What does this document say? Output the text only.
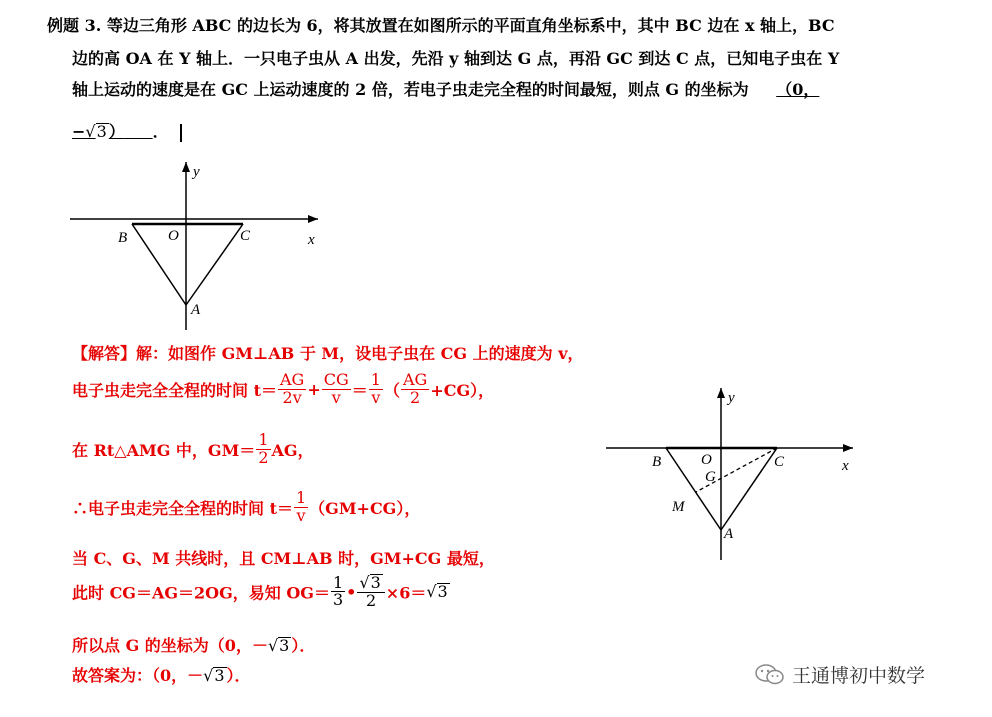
例题 3. 等边三角形 ABC 的边长为 6，将其放置在如图所示的平面直角坐标系中，其中 BC 边在 x 轴上，BC
边的高 OA 在 Y 轴上．一只电子虫从 A 出发，先沿 y 轴到达 G 点，再沿 GC 到达 C 点，已知电子虫在 Y
轴上运动的速度是在 GC 上运动速度的 2 倍，若电子虫走完全程的时间最短，则点 G 的坐标为 （0，
−√3 ） ．
y
x
B	O	C
A
y
x
B	O
G
C
M
A
【解答】解：如图作 GM⊥AB 于 M，设电子虫在 CG 上的速度为 v，
电子虫走完全全程的时间 $t= \frac{AG}{2v} + \frac{CG}{v} = \frac{1}{v}$ （ $\frac{AG}{2} +CG$），
在 Rt△AMG 中，$GM= \frac{1}{2}$ AG，
∴电子虫走完全全程的时间 $t= \frac{1}{v} (GM+CG)$，
当 C、G、M 共线时，且 CM⊥AB 时，GM+CG 最短，
此时 CG＝AG＝2OG，易知 $OG= \frac{1}{3}$ • $\frac{√3}{2} \times 6=√3$
所以点 G 的坐标为（0，－√3 ）．
故答案为：（0，－√3 ）．	王通博初中数学
